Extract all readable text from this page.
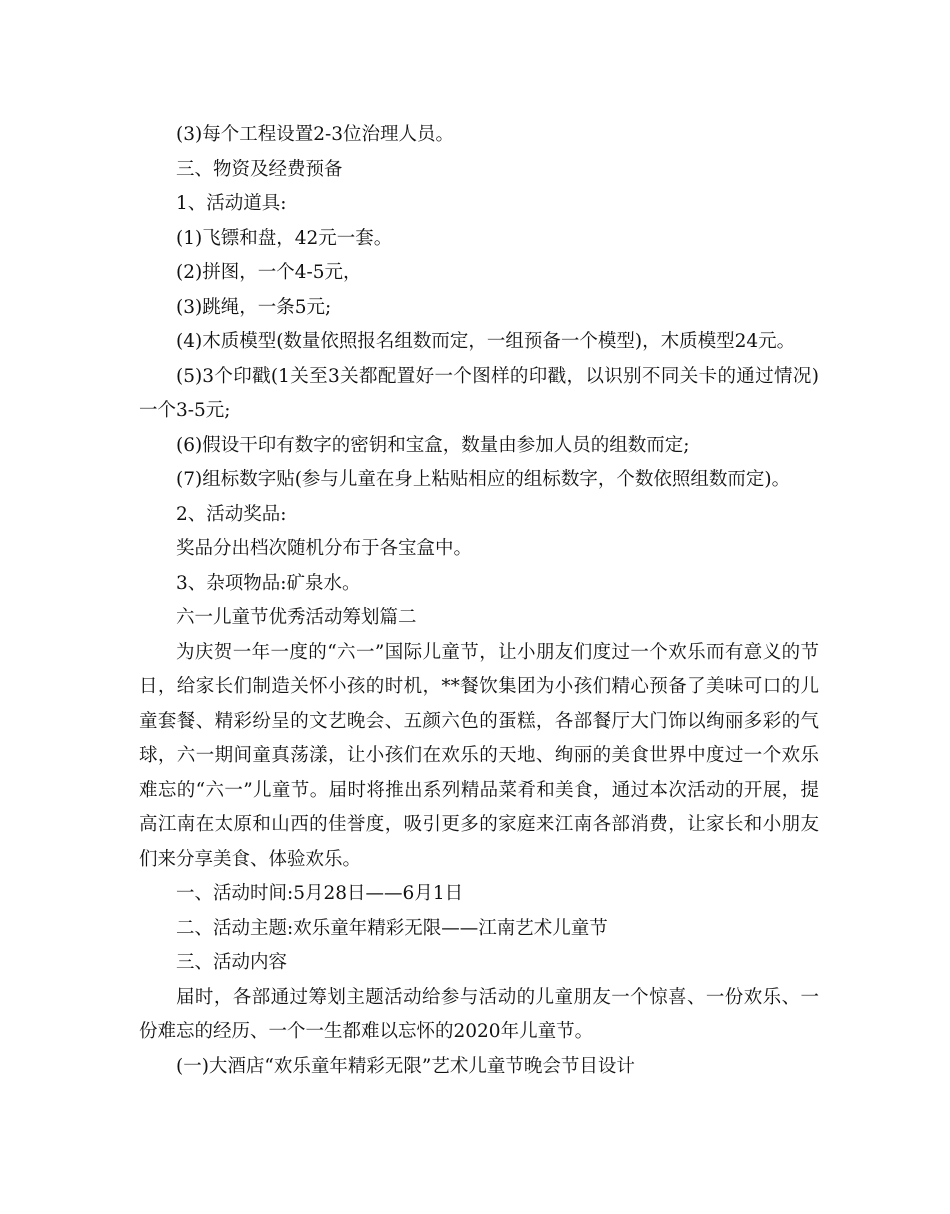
(3)每个工程设置2-3位治理人员。
三、物资及经费预备
1、活动道具:
(1)飞镖和盘，42元一套。
(2)拼图，一个4-5元，
(3)跳绳，一条5元;
(4)木质模型(数量依照报名组数而定，一组预备一个模型)，木质模型24元。

(5)3个印戳(1关至3关都配置好一个图样的印戳，以识别不同关卡的通过情况)一个3-5元;

(6)假设干印有数字的密钥和宝盒，数量由参加人员的组数而定;
(7)组标数字贴(参与儿童在身上粘贴相应的组标数字，个数依照组数而定)。
2、活动奖品:
奖品分出档次随机分布于各宝盒中。
3、杂项物品:矿泉水。
六一儿童节优秀活动筹划篇二

为庆贺一年一度的“六一”国际儿童节，让小朋友们度过一个欢乐而有意义的节日，给家长们制造关怀小孩的时机，**餐饮集团为小孩们精心预备了美味可口的儿童套餐、精彩纷呈的文艺晚会、五颜六色的蛋糕，各部餐厅大门饰以绚丽多彩的气球，六一期间童真荡漾，让小孩们在欢乐的天地、绚丽的美食世界中度过一个欢乐难忘的“六一”儿童节。届时将推出系列精品菜肴和美食，通过本次活动的开展，提高江南在太原和山西的佳誉度，吸引更多的家庭来江南各部消费，让家长和小朋友们来分享美食、体验欢乐。

一、活动时间:5月28日——6月1日
二、活动主题:欢乐童年精彩无限——江南艺术儿童节
三、活动内容

届时，各部通过筹划主题活动给参与活动的儿童朋友一个惊喜、一份欢乐、一份难忘的经历、一个一生都难以忘怀的2020年儿童节。

(一)大酒店“欢乐童年精彩无限”艺术儿童节晚会节目设计
